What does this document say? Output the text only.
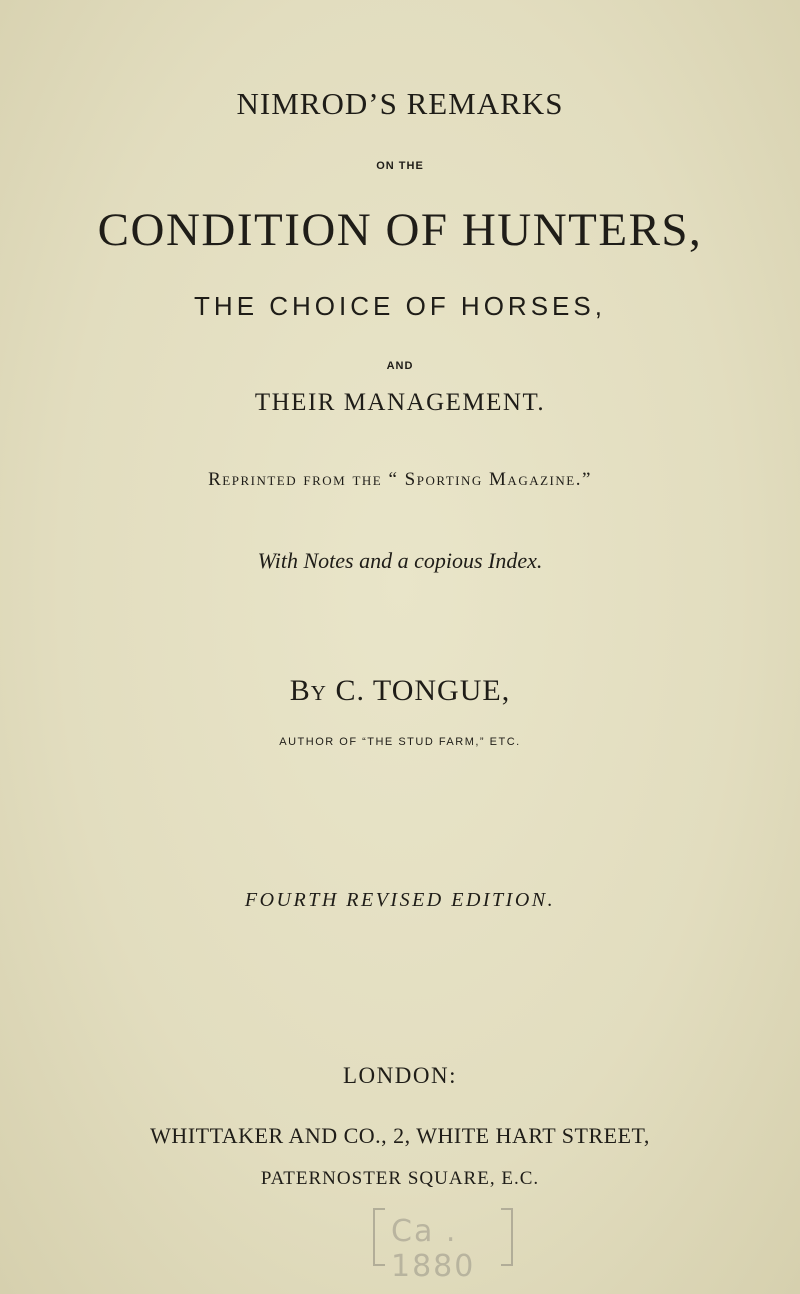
NIMROD’S REMARKS
ON THE
CONDITION OF HUNTERS,
THE CHOICE OF HORSES,
AND
THEIR MANAGEMENT.
Reprinted from the “ Sporting Magazine.”
With Notes and a copious Index.
By C. TONGUE,
AUTHOR OF “THE STUD FARM,” ETC.
FOURTH REVISED EDITION.
LONDON:
WHITTAKER AND CO., 2, WHITE HART STREET,
PATERNOSTER SQUARE, E.C.
Ca . 1880
